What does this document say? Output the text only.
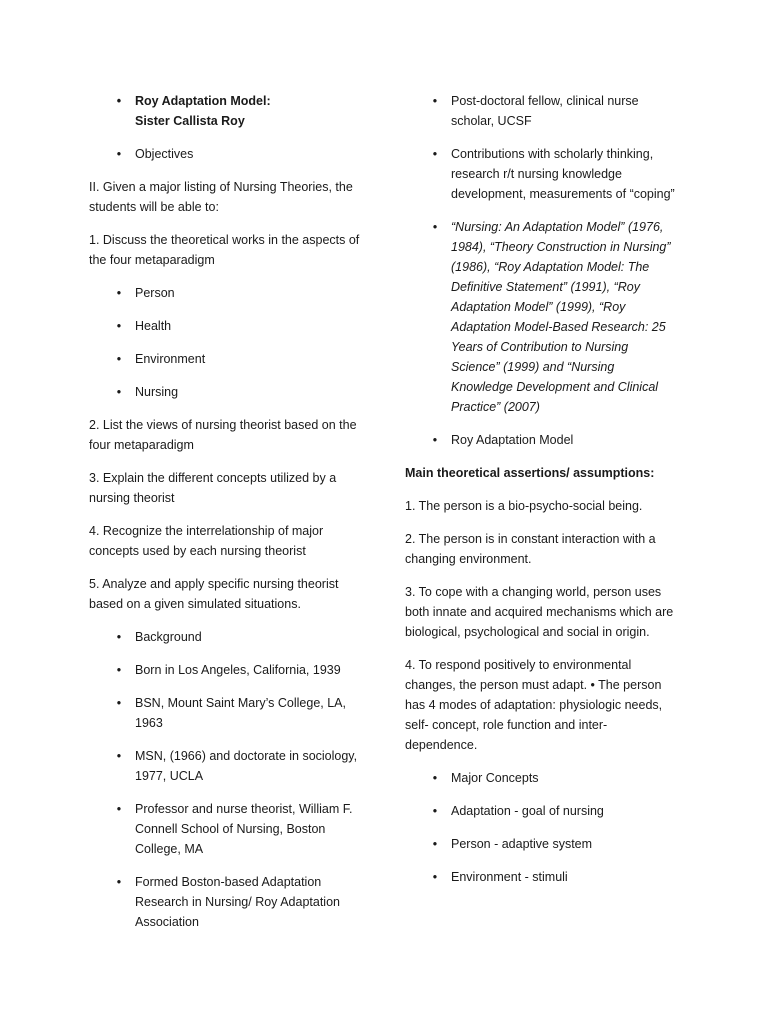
•	Roy Adaptation Model:
Sister Callista Roy
•	Objectives

II. Given a major listing of Nursing Theories, the students will be able to:

1. Discuss the theoretical works in the aspects of the four metaparadigm

•	Person
•	Health
•	Environment
•	Nursing

2. List the views of nursing theorist based on the four metaparadigm

3. Explain the different concepts utilized by a nursing theorist

4. Recognize the interrelationship of major concepts used by each nursing theorist

5. Analyze and apply specific nursing theorist based on a given simulated situations.

•	Background
•	Born in Los Angeles, California, 1939
•	BSN, Mount Saint Mary’s College, LA, 1963
•	MSN, (1966) and doctorate in sociology, 1977, UCLA
•	Professor and nurse theorist, William F. Connell School of Nursing, Boston College, MA
•	Formed Boston-based Adaptation Research in Nursing/ Roy Adaptation Association
•	Post-doctoral fellow, clinical nurse scholar, UCSF
•	Contributions with scholarly thinking, research r/t nursing knowledge development, measurements of “coping”
•	“Nursing: An Adaptation Model” (1976, 1984), “Theory Construction in Nursing” (1986), “Roy Adaptation Model: The Definitive Statement” (1991), “Roy Adaptation Model” (1999), “Roy Adaptation Model-Based Research: 25 Years of Contribution to Nursing Science” (1999) and “Nursing Knowledge Development and Clinical Practice” (2007)
•	Roy Adaptation Model

Main theoretical assertions/ assumptions:

1. The person is a bio-psycho-social being.

2. The person is in constant interaction with a changing environment.

3. To cope with a changing world, person uses both innate and acquired mechanisms which are biological, psychological and social in origin.

4. To respond positively to environmental changes, the person must adapt. • The person has 4 modes of adaptation: physiologic needs, self- concept, role function and inter- dependence.

•	Major Concepts
•	Adaptation - goal of nursing
•	Person - adaptive system
•	Environment - stimuli
